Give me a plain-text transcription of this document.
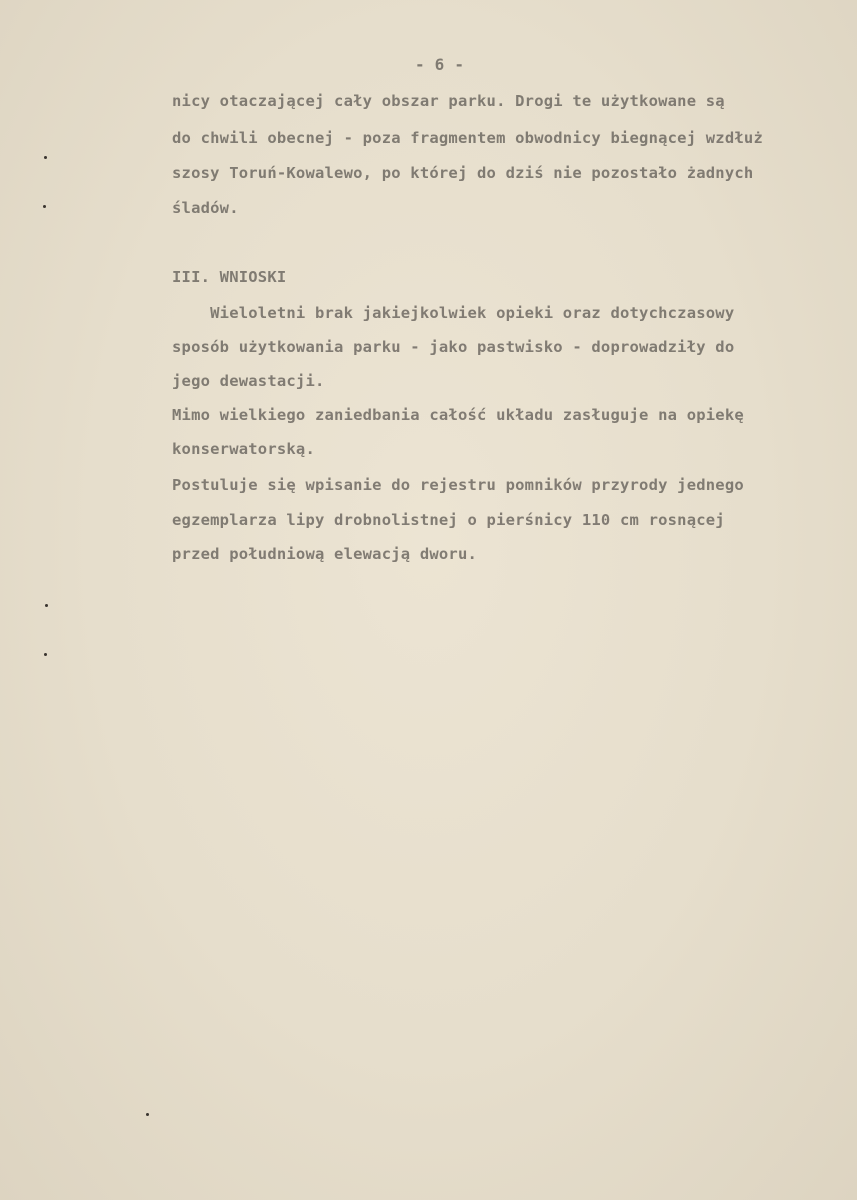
- 6 -
nicy otaczającej cały obszar parku. Drogi te użytkowane są
do chwili obecnej - poza fragmentem obwodnicy biegnącej wzdłuż
szosy Toruń-Kowalewo, po której do dziś nie pozostało żadnych
śladów.
III. WNIOSKI
Wieloletni brak jakiejkolwiek opieki oraz dotychczasowy
sposób użytkowania parku - jako pastwisko - doprowadziły do
jego dewastacji.
Mimo wielkiego zaniedbania całość układu zasługuje na opiekę
konserwatorską.
Postuluje się wpisanie do rejestru pomników przyrody jednego
egzemplarza lipy drobnolistnej o pierśnicy 110 cm rosnącej
przed południową elewacją dworu.
